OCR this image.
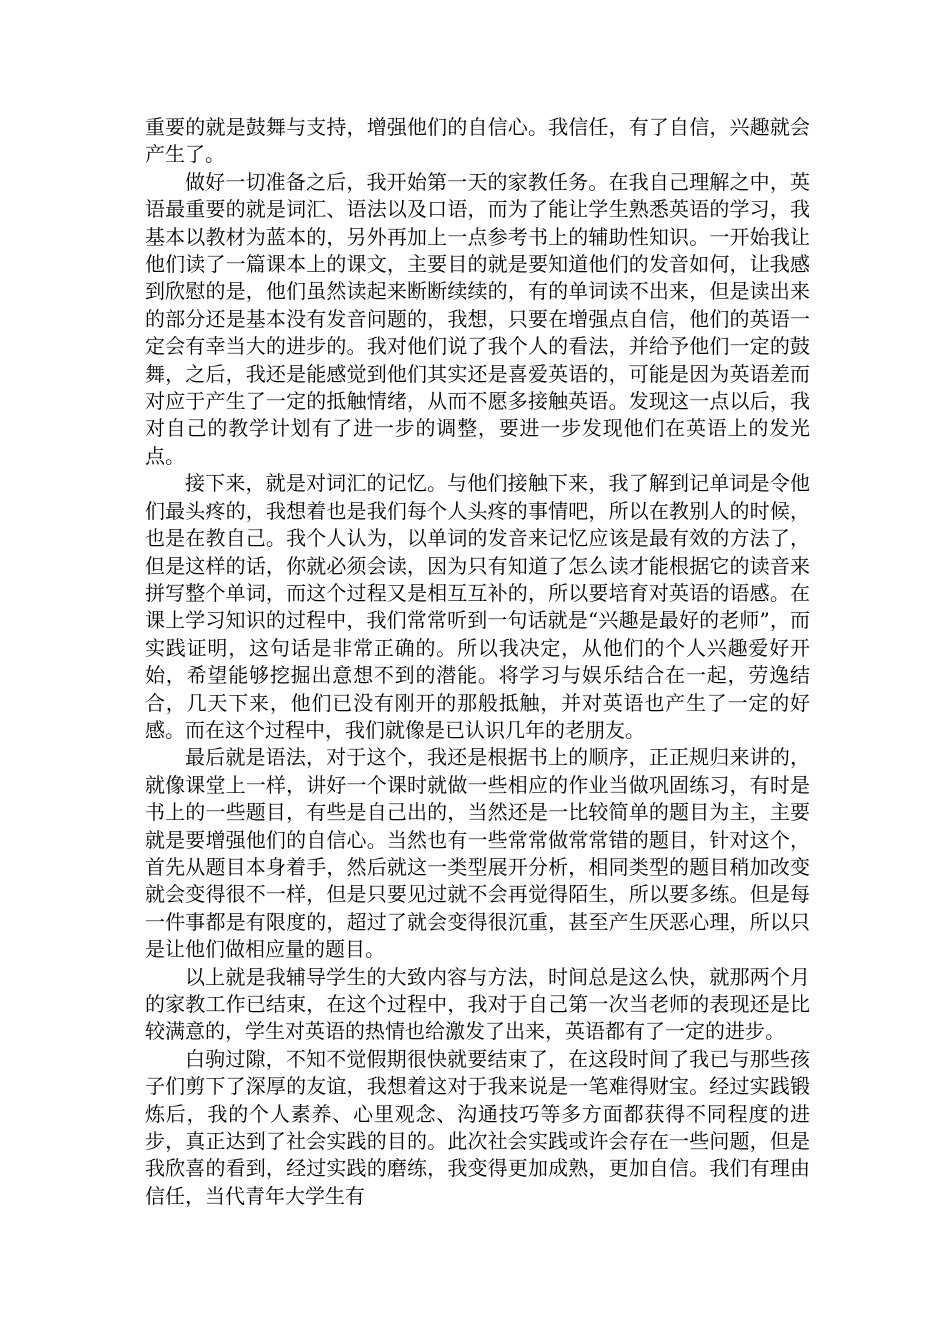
重要的就是鼓舞与支持，增强他们的自信心。我信任，有了自信，兴趣就会产生了。

做好一切准备之后，我开始第一天的家教任务。在我自己理解之中，英语最重要的就是词汇、语法以及口语，而为了能让学生熟悉英语的学习，我基本以教材为蓝本的，另外再加上一点参考书上的辅助性知识。一开始我让他们读了一篇课本上的课文，主要目的就是要知道他们的发音如何，让我感到欣慰的是，他们虽然读起来断断续续的，有的单词读不出来，但是读出来的部分还是基本没有发音问题的，我想，只要在增强点自信，他们的英语一定会有幸当大的进步的。我对他们说了我个人的看法，并给予他们一定的鼓舞，之后，我还是能感觉到他们其实还是喜爱英语的，可能是因为英语差而对应于产生了一定的抵触情绪，从而不愿多接触英语。发现这一点以后，我对自己的教学计划有了进一步的调整，要进一步发现他们在英语上的发光点。

接下来，就是对词汇的记忆。与他们接触下来，我了解到记单词是令他们最头疼的，我想着也是我们每个人头疼的事情吧，所以在教别人的时候，也是在教自己。我个人认为，以单词的发音来记忆应该是最有效的方法了，但是这样的话，你就必须会读，因为只有知道了怎么读才能根据它的读音来拼写整个单词，而这个过程又是相互互补的，所以要培育对英语的语感。在课上学习知识的过程中，我们常常听到一句话就是“兴趣是最好的老师”，而实践证明，这句话是非常正确的。所以我决定，从他们的个人兴趣爱好开始，希望能够挖掘出意想不到的潜能。将学习与娱乐结合在一起，劳逸结合，几天下来，他们已没有刚开的那般抵触，并对英语也产生了一定的好感。而在这个过程中，我们就像是已认识几年的老朋友。

最后就是语法，对于这个，我还是根据书上的顺序，正正规归来讲的，就像课堂上一样，讲好一个课时就做一些相应的作业当做巩固练习，有时是书上的一些题目，有些是自己出的，当然还是一比较简单的题目为主，主要就是要增强他们的自信心。当然也有一些常常做常常错的题目，针对这个，首先从题目本身着手，然后就这一类型展开分析，相同类型的题目稍加改变就会变得很不一样，但是只要见过就不会再觉得陌生，所以要多练。但是每一件事都是有限度的，超过了就会变得很沉重，甚至产生厌恶心理，所以只是让他们做相应量的题目。

以上就是我辅导学生的大致内容与方法，时间总是这么快，就那两个月的家教工作已结束，在这个过程中，我对于自己第一次当老师的表现还是比较满意的，学生对英语的热情也给激发了出来，英语都有了一定的进步。

白驹过隙，不知不觉假期很快就要结束了，在这段时间了我已与那些孩子们剪下了深厚的友谊，我想着这对于我来说是一笔难得财宝。经过实践锻炼后，我的个人素养、心里观念、沟通技巧等多方面都获得不同程度的进步，真正达到了社会实践的目的。此次社会实践或许会存在一些问题，但是我欣喜的看到，经过实践的磨练，我变得更加成熟，更加自信。我们有理由信任，当代青年大学生有
